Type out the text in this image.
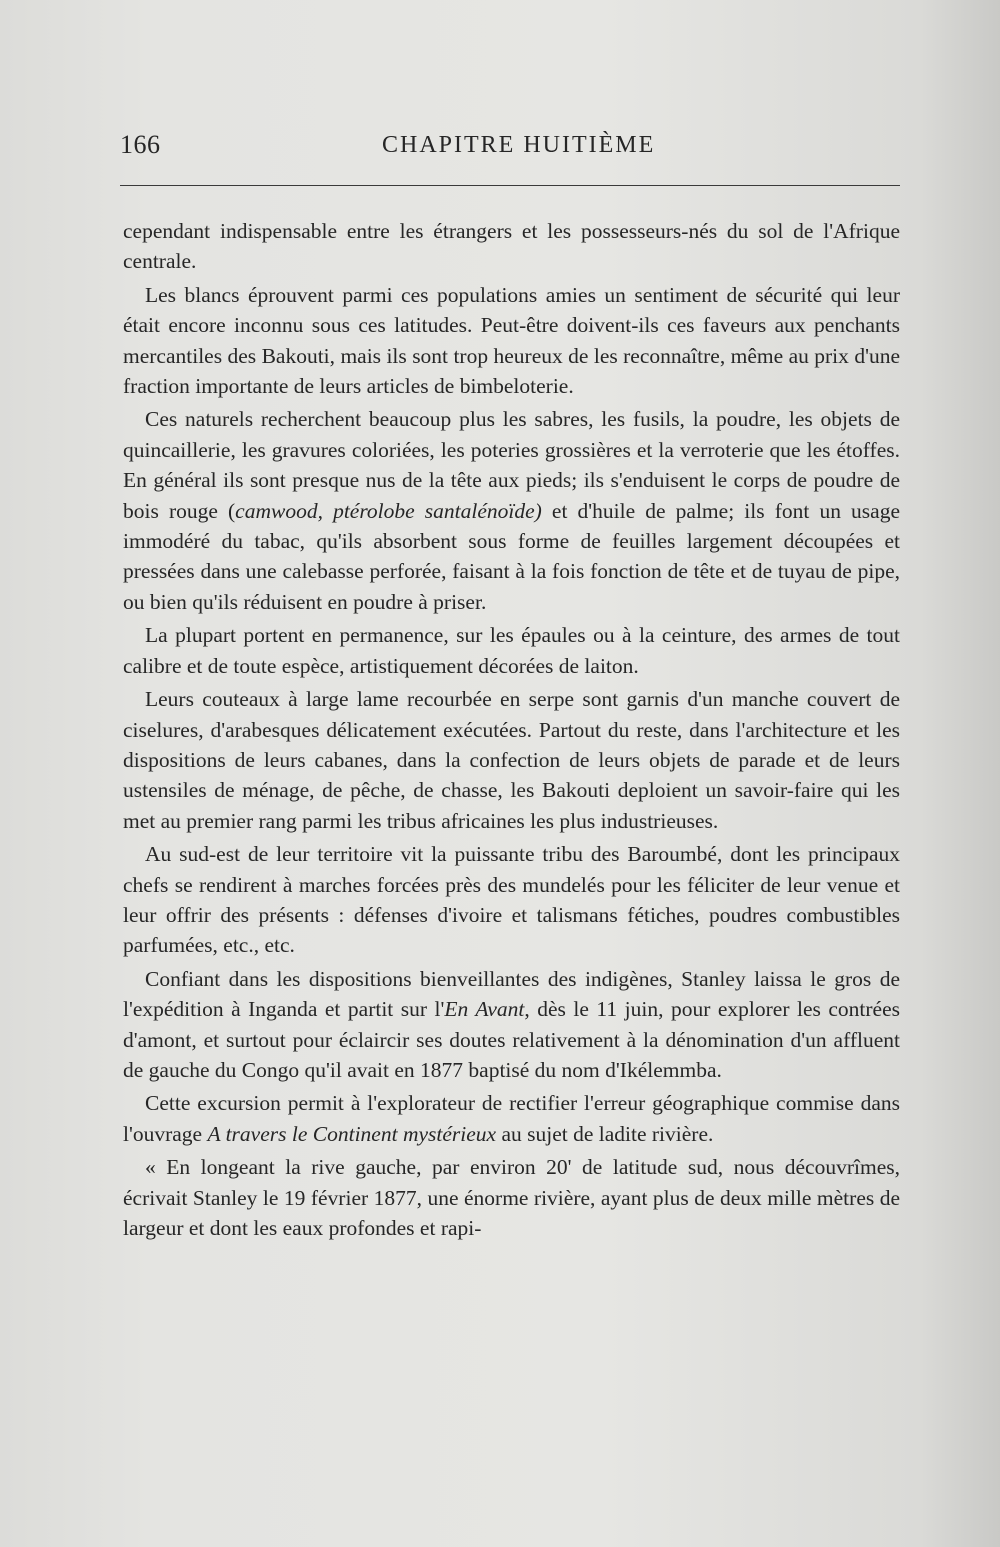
166	CHAPITRE HUITIÈME

cependant indispensable entre les étrangers et les possesseurs-nés du sol de l'Afrique centrale.

Les blancs éprouvent parmi ces populations amies un sentiment de sécurité qui leur était encore inconnu sous ces latitudes. Peut-être doivent-ils ces faveurs aux penchants mercantiles des Bakouti, mais ils sont trop heureux de les reconnaître, même au prix d'une fraction importante de leurs articles de bimbeloterie.

Ces naturels recherchent beaucoup plus les sabres, les fusils, la poudre, les objets de quincaillerie, les gravures coloriées, les poteries grossières et la verroterie que les étoffes. En général ils sont presque nus de la tête aux pieds; ils s'enduisent le corps de poudre de bois rouge (camwood, ptérolobe santalénoïde) et d'huile de palme; ils font un usage immodéré du tabac, qu'ils absorbent sous forme de feuilles largement découpées et pressées dans une calebasse perforée, faisant à la fois fonction de tête et de tuyau de pipe, ou bien qu'ils réduisent en poudre à priser.

La plupart portent en permanence, sur les épaules ou à la ceinture, des armes de tout calibre et de toute espèce, artistiquement décorées de laiton.

Leurs couteaux à large lame recourbée en serpe sont garnis d'un manche couvert de ciselures, d'arabesques délicatement exécutées. Partout du reste, dans l'architecture et les dispositions de leurs cabanes, dans la confection de leurs objets de parade et de leurs ustensiles de ménage, de pêche, de chasse, les Bakouti deploient un savoir-faire qui les met au premier rang parmi les tribus africaines les plus industrieuses.

Au sud-est de leur territoire vit la puissante tribu des Baroumbé, dont les principaux chefs se rendirent à marches forcées près des mundelés pour les féliciter de leur venue et leur offrir des présents : défenses d'ivoire et talismans fétiches, poudres combustibles parfumées, etc., etc.

Confiant dans les dispositions bienveillantes des indigènes, Stanley laissa le gros de l'expédition à Inganda et partit sur l'En Avant, dès le 11 juin, pour explorer les contrées d'amont, et surtout pour éclaircir ses doutes relativement à la dénomination d'un affluent de gauche du Congo qu'il avait en 1877 baptisé du nom d'Ikélemmba.

Cette excursion permit à l'explorateur de rectifier l'erreur géographique commise dans l'ouvrage A travers le Continent mystérieux au sujet de ladite rivière.

« En longeant la rive gauche, par environ 20' de latitude sud, nous découvrîmes, écrivait Stanley le 19 février 1877, une énorme rivière, ayant plus de deux mille mètres de largeur et dont les eaux profondes et rapi-
